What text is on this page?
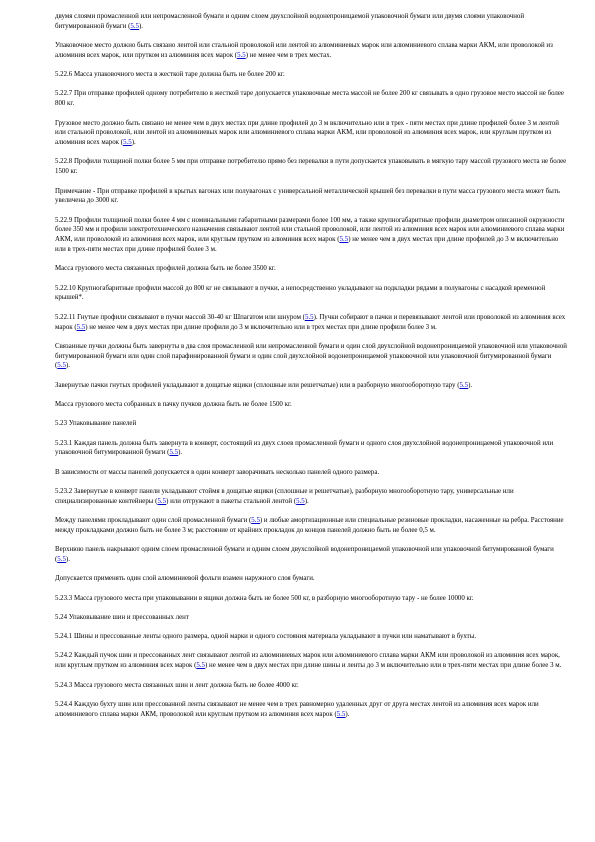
двумя слоями промасленной или непромасленной бумаги и одним слоем двухслойной водонепроницаемой упаковочной бумаги или двумя слоями упаковочной битумированной бумаги (5.5).

Упаковочное место должно быть связано лентой или стальной проволокой или лентой из алюминиевых марок или алюминиевого сплава марки АКМ, или проволокой из алюминия всех марок, или прутком из алюминия всех марок (5.5) не менее чем в трех местах.

5.22.6 Масса упаковочного места в жесткой таре должна быть не более 200 кг.

5.22.7 При отправке профилей одному потребителю в жесткой таре допускается упаковочные места массой не более 200 кг связывать в одно грузовое место массой не более 800 кг.

Грузовое место должно быть связано не менее чем в двух местах при длине профилей до 3 м включительно или в трех - пяти местах при длине профилей более 3 м лентой или стальной проволокой, или лентой из алюминиевых марок или алюминиевого сплава марки АКМ, или проволокой из алюминия всех марок, или круглым прутком из алюминия всех марок (5.5).

5.22.8 Профили толщиной полки более 5 мм при отправке потребителю прямо без перевалки в пути допускается упаковывать в мягкую тару массой грузового места не более 1500 кг.

Примечание - При отправке профилей в крытых вагонах или полувагонах с универсальной металлической крышей без перевалки в пути масса грузового места может быть увеличена до 3000 кг.

5.22.9 Профили толщиной полки более 4 мм с номинальными габаритными размерами более 100 мм, а также крупногабаритные профили диаметром описанной окружности более 350 мм и профили электротехнического назначения связывают лентой или стальной проволокой, или лентой из алюминия всех марок или алюминиевого сплава марки АКМ, или проволокой из алюминия всех марок, или круглым прутком из алюминия всех марок (5.5) не менее чем в двух местах при длине профилей до 3 м включительно или в трех-пяти местах при длине профилей более 3 м.

Масса грузового места связанных профилей должна быть не более 3500 кг.

5.22.10 Крупногабаритные профили массой до 800 кг не связывают в пучки, а непосредственно укладывают на подкладки рядами в полувагоны с насадкой временной крышей*.

5.22.11 Гнутые профили связывают в пучки массой 30-40 кг Шпагатом или шнуром (5.5). Пучки собирают в пачки и перевязывают лентой или проволокой из алюминия всех марок (5.5) не менее чем в двух местах при длине профили до 3 м включительно или в трех местах при длине профили более 3 м.

Связанные пучки должны быть завернуты в два слоя промасленной или непромасленной бумаги и один слой двухслойной водонепроницаемой упаковочной или упаковочной битумированной бумаги или один слой парафинированной бумаги и один слой двухслойной водонепроницаемой упаковочной или упаковочной битумированной бумаги (5.5).

Завернутые пачки гнутых профилей укладывают в дощатые ящики (сплошные или решетчатые) или в разборную многооборотную тару (5.5).

Масса грузового места собранных в пачку пучков должна быть не более 1500 кг.

5.23 Упаковывание панелей

5.23.1 Каждая панель должна быть завернута в конверт, состоящий из двух слоев промасленной бумаги и одного слоя двухслойной водонепроницаемой упаковочной или упаковочной битумированной бумаги (5.5).

В зависимости от массы панелей допускается в один конверт заворачивать несколько панелей одного размера.

5.23.2 Завернутые в конверт панели укладывают стоймя в дощатые ящики (сплошные и решетчатые), разборную многооборотную тару, универсальные или специализированные контейнеры (5.5) или отгружают в пакеты стальной лентой (5.5).

Между панелями прокладывают один слой промасленной бумаги (5.5) и любые амортизационные или специальные резиновые прокладки, насаженные на ребра. Расстояние между прокладками должно быть не более 3 м; расстояние от крайних прокладок до концов панелей должно быть не более 0,5 м.

Верхнюю панель накрывают одним слоем промасленной бумаги и одним слоем двухслойной водонепроницаемой упаковочной или упаковочной битумированной бумаги (5.5).

Допускается применять один слой алюминиевой фольги взамен наружного слоя бумаги.

5.23.3 Масса грузового места при упаковывании в ящики должна быть не более 500 кг, в разборную многооборотную тару - не более 10000 кг.

5.24 Упаковывание шин и прессованных лент

5.24.1 Шины и прессованные ленты одного размера, одной марки и одного состояния материала укладывают в пучки или наматывают в бухты.

5.24.2 Каждый пучок шин и прессованных лент связывают лентой из алюминиевых марок или алюминиевого сплава марки АКМ или проволокой из алюминия всех марок, или круглым прутком из алюминия всех марок (5.5) не менее чем в двух местах при длине шины и ленты до 3 м включительно или в трех-пяти местах при длине более 3 м.

5.24.3 Масса грузового места связанных шин и лент должна быть не более 4000 кг.

5.24.4 Каждую бухту шин или прессованной ленты связывают не менее чем в трех равномерно удаленных друг от друга местах лентой из алюминия всех марок или алюминиевого сплава марки АКМ, проволокой или круглым прутком из алюминия всех марок (5.5).
